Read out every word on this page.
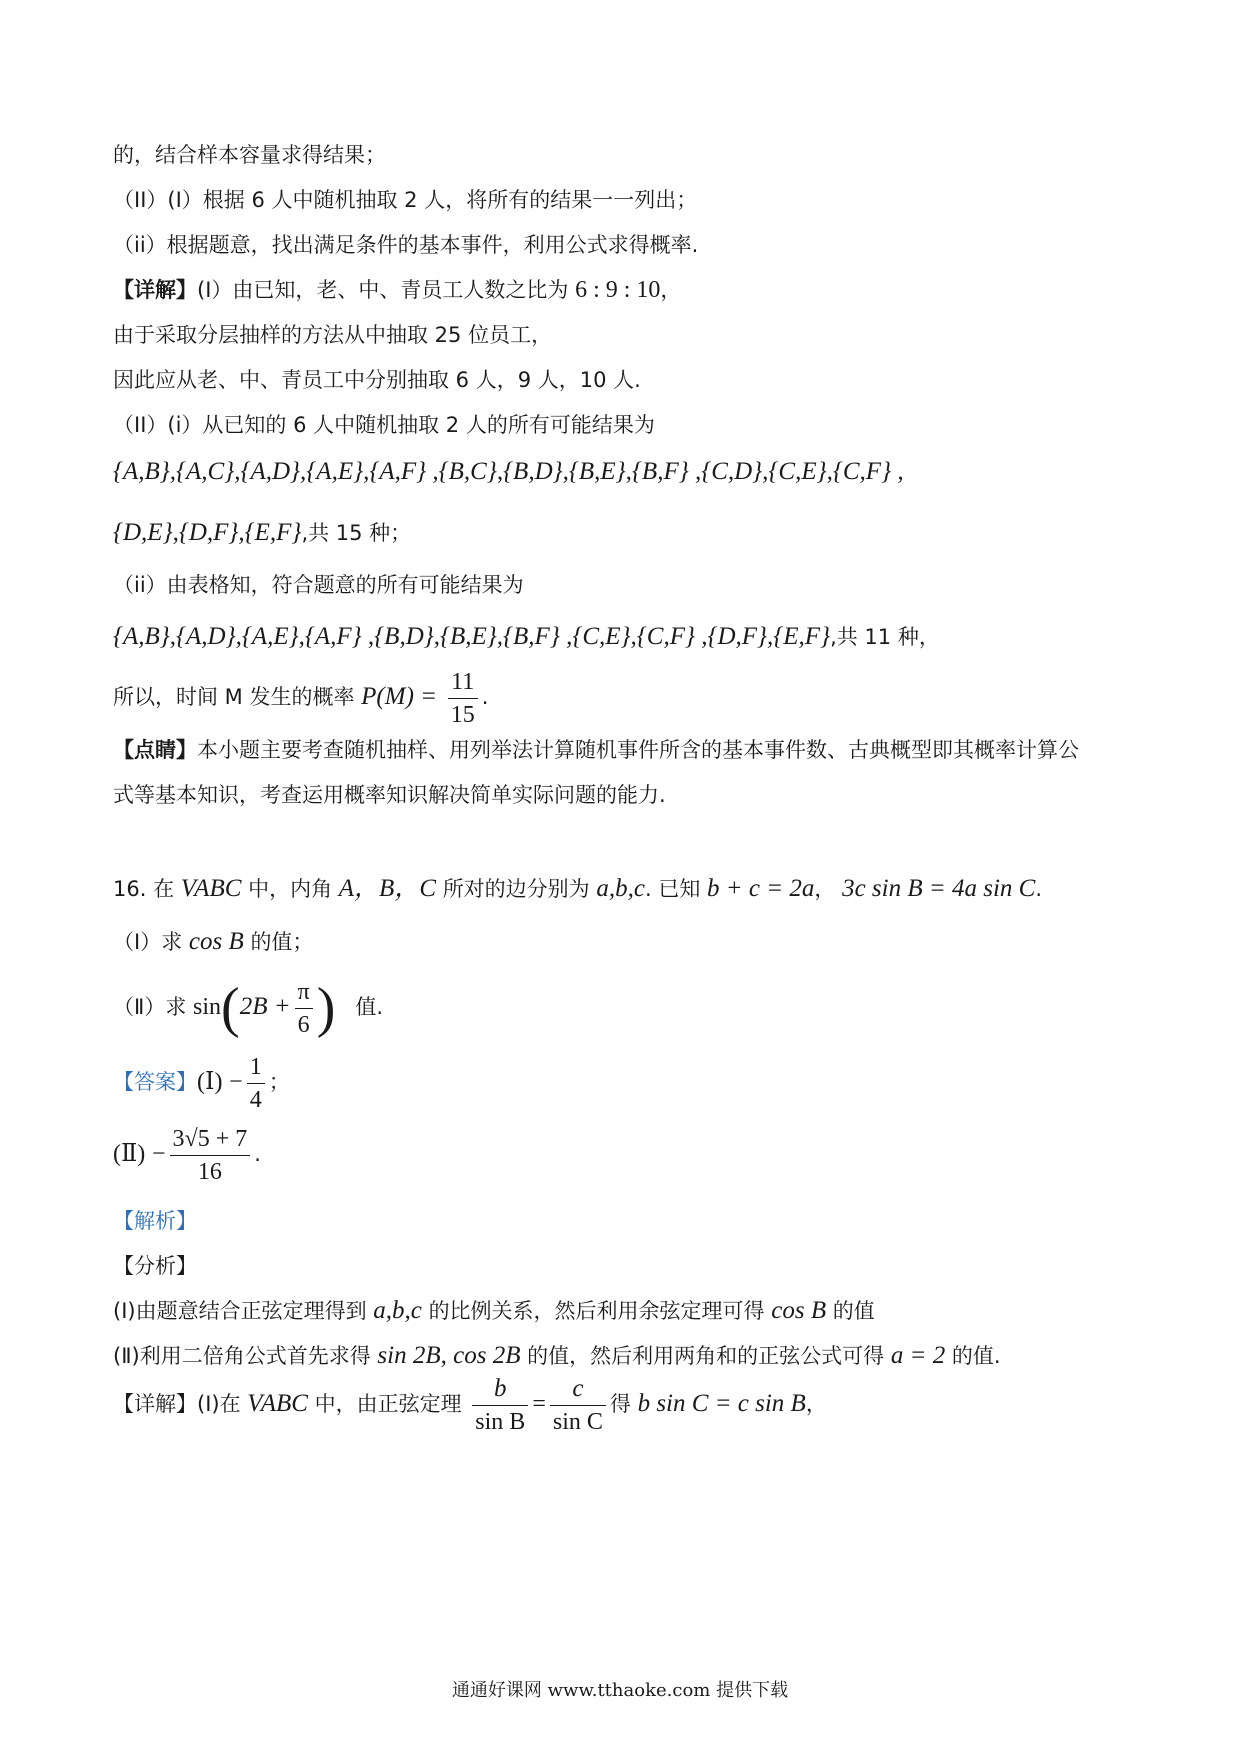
的，结合样本容量求得结果；
（II）(Ⅰ）根据 6 人中随机抽取 2 人，将所有的结果一一列出；
（ii）根据题意，找出满足条件的基本事件，利用公式求得概率.
【详解】(Ⅰ）由已知，老、中、青员工人数之比为 6 : 9 : 10，
由于采取分层抽样的方法从中抽取 25 位员工，
因此应从老、中、青员工中分别抽取 6 人，9 人，10 人.
（II）(ⅰ）从已知的 6 人中随机抽取 2 人的所有可能结果为
{A,B},{A,C},{A,D},{A,E},{A,F} ,{B,C},{B,D},{B,E},{B,F} ,{C,D},{C,E},{C,F} ,
{D,E},{D,F},{E,F},共 15 种；
（ii）由表格知，符合题意的所有可能结果为
{A,B},{A,D},{A,E},{A,F} ,{B,D},{B,E},{B,F} ,{C,E},{C,F} ,{D,F},{E,F},共 11 种，
所以，时间 M 发生的概率 $P(M) = \frac{11}{15}$ .
【点睛】本小题主要考查随机抽样、用列举法计算随机事件所含的基本事件数、古典概型即其概率计算公
式等基本知识，考查运用概率知识解决简单实际问题的能力.
16. 在 VABC 中，内角 A，B，C 所对的边分别为 a,b,c. 已知 b + c = 2a， 3c sin B = 4a sin C.
（Ⅰ）求 cos B 的值；
（Ⅱ）求 $\sin(2B + \frac{\pi}{6}$ ) 值.
【答案】(Ⅰ) − $\frac{1}{4}$ ；
(Ⅱ) − $\frac{3√5 + 7}{16}$ .
【解析】
【分析】
(Ⅰ)由题意结合正弦定理得到 a,b,c 的比例关系，然后利用余弦定理可得 cos B 的值
(Ⅱ)利用二倍角公式首先求得 sin 2B, cos 2B 的值，然后利用两角和的正弦公式可得 a = 2 的值.
【详解】(Ⅰ)在 VABC 中，由正弦定理 $\frac{b}{\text{sin B}} = \frac{c}{\text{sin C}}$ 得 b sin C = c sin B，
通通好课网 www.tthaoke.com 提供下载
